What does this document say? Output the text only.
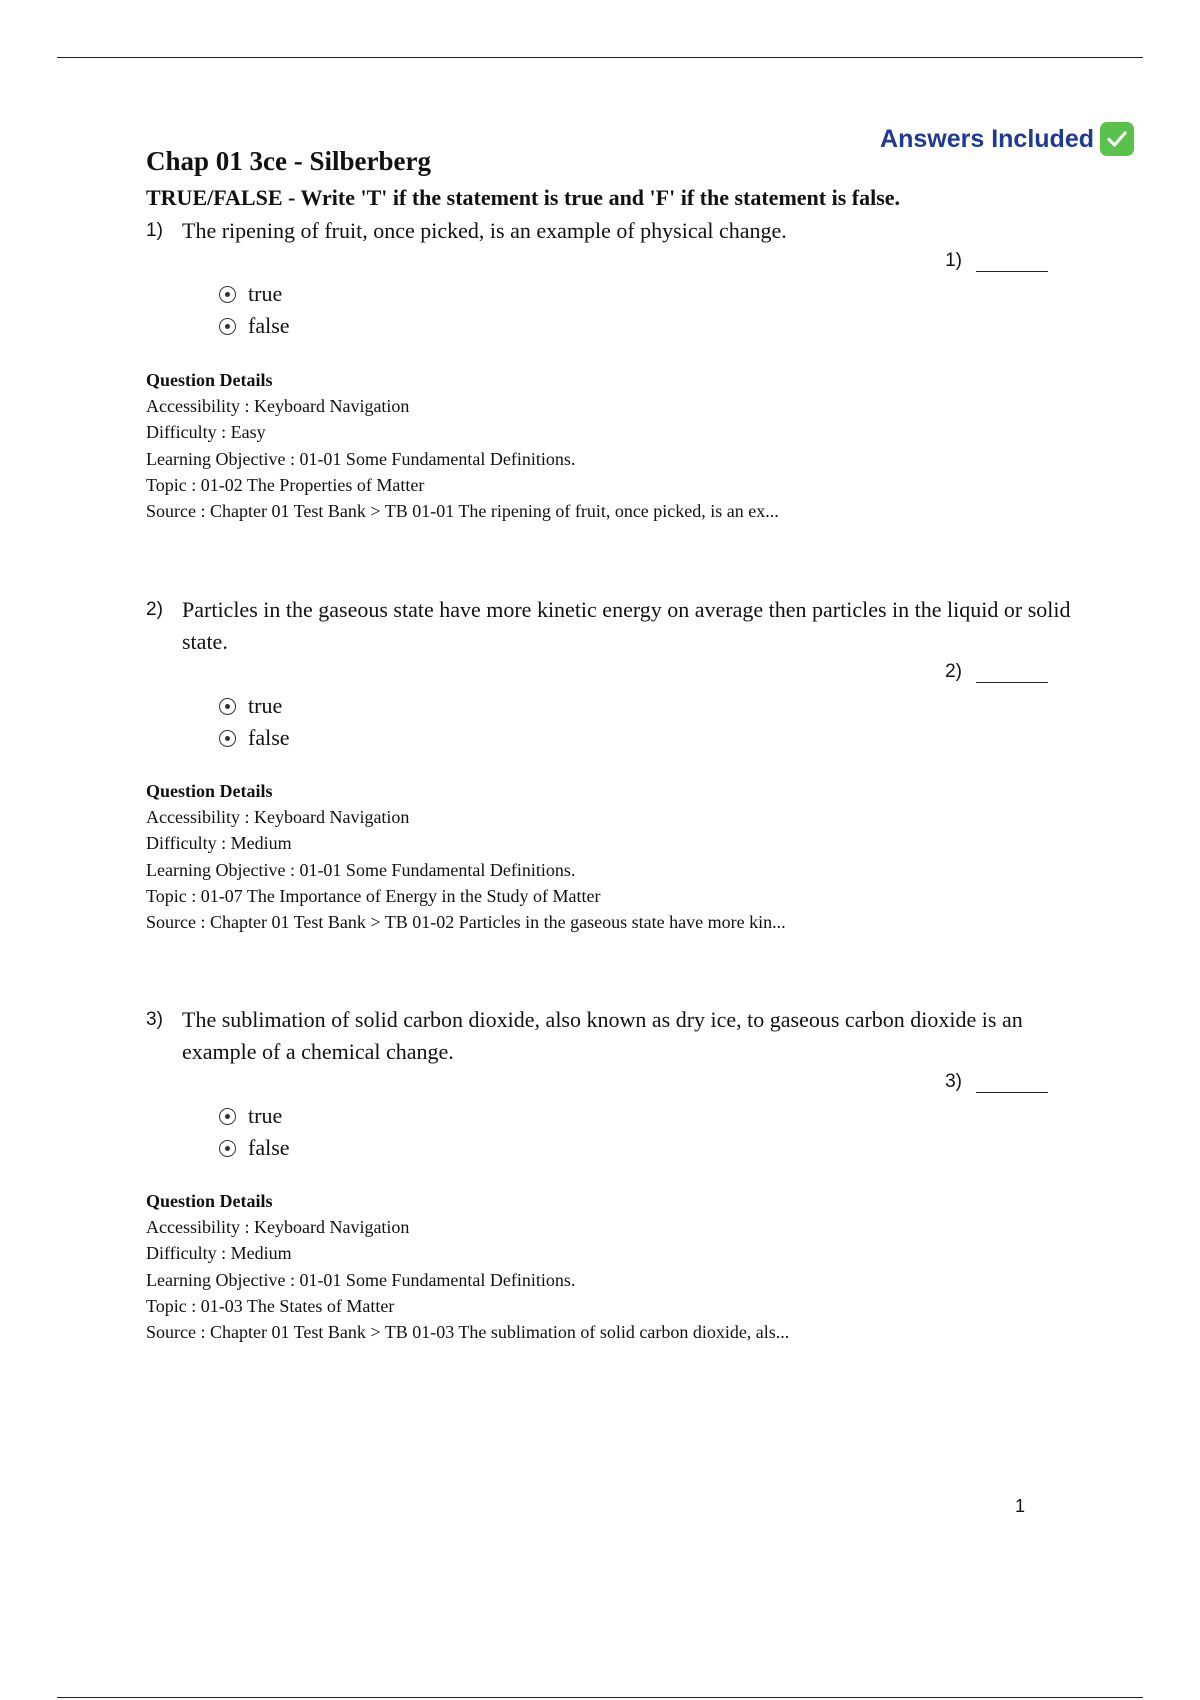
Answers Included
Chap 01 3ce - Silberberg
TRUE/FALSE - Write 'T' if the statement is true and 'F' if the statement is false.
1) The ripening of fruit, once picked, is an example of physical change.
1)
true
false
Question Details
Accessibility : Keyboard Navigation
Difficulty : Easy
Learning Objective : 01-01 Some Fundamental Definitions.
Topic : 01-02 The Properties of Matter
Source : Chapter 01 Test Bank > TB 01-01 The ripening of fruit, once picked, is an ex...
2) Particles in the gaseous state have more kinetic energy on average then particles in the liquid or solid state.
2)
true
false
Question Details
Accessibility : Keyboard Navigation
Difficulty : Medium
Learning Objective : 01-01 Some Fundamental Definitions.
Topic : 01-07 The Importance of Energy in the Study of Matter
Source : Chapter 01 Test Bank > TB 01-02 Particles in the gaseous state have more kin...
3) The sublimation of solid carbon dioxide, also known as dry ice, to gaseous carbon dioxide is an example of a chemical change.
3)
true
false
Question Details
Accessibility : Keyboard Navigation
Difficulty : Medium
Learning Objective : 01-01 Some Fundamental Definitions.
Topic : 01-03 The States of Matter
Source : Chapter 01 Test Bank > TB 01-03 The sublimation of solid carbon dioxide, als...
1
